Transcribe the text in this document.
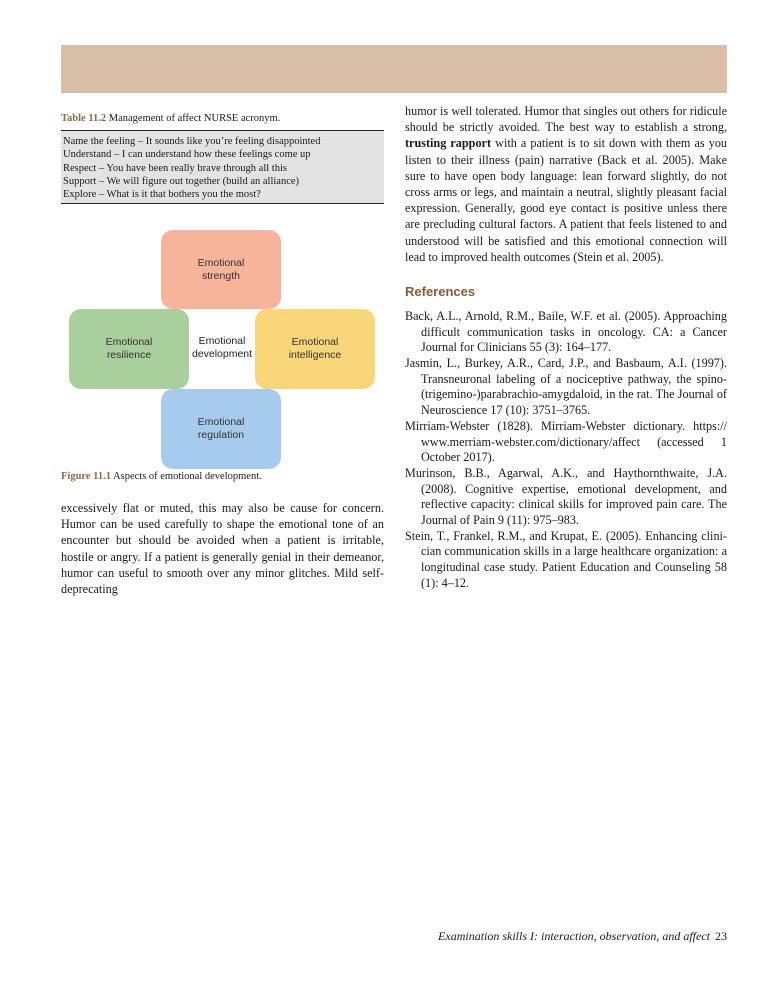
Table 11.2 Management of affect NURSE acronym.
Name the feeling – It sounds like you’re feeling disappointed
Understand – I can understand how these feelings come up
Respect – You have been really brave through all this
Support – We will figure out together (build an alliance)
Explore – What is it that bothers you the most?
Emotional
strength
Emotional
resilience
Emotional
intelligence
Emotional
regulation
Emotional
development
Figure 11.1 Aspects of emotional development.

excessively flat or muted, this may also be cause for concern. Humor can be used carefully to shape the emotional tone of an encounter but should be avoided when a patient is irritable, hostile or angry. If a patient is generally genial in their demeanor, humor can useful to smooth over any minor glitches. Mild self-deprecating

humor is well tolerated. Humor that singles out others for ridicule should be strictly avoided. The best way to establish a strong, trusting rapport with a patient is to sit down with them as you listen to their illness (pain) narrative (Back et al. 2005). Make sure to have open body language: lean forward slightly, do not cross arms or legs, and maintain a neutral, slightly pleasant facial expression. Generally, good eye contact is positive unless there are precluding cultural factors. A patient that feels listened to and understood will be satisfied and this emotional connection will lead to improved health outcomes (Stein et al. 2005).

References
Back, A.L., Arnold, R.M., Baile, W.F. et al. (2005). Approaching difficult communication tasks in oncology. CA: a Cancer Journal for Clinicians 55 (3): 164–177.
Jasmin, L., Burkey, A.R., Card, J.P., and Basbaum, A.I. (1997). Transneuronal labeling of a nociceptive pathway, the spino-(trigemino-)parabrachio-amygdaloid, in the rat. The Journal of Neuroscience 17 (10): 3751–3765.
Mirriam-Webster (1828). Mirriam-Webster dictionary. https:// www.merriam-webster.com/dictionary/affect (accessed 1 October 2017).
Murinson, B.B., Agarwal, A.K., and Haythornthwaite, J.A. (2008). Cognitive expertise, emotional development, and reflective capacity: clinical skills for improved pain care. The Journal of Pain 9 (11): 975–983.
Stein, T., Frankel, R.M., and Krupat, E. (2005). Enhancing clini-cian communication skills in a large healthcare organization: a longitudinal case study. Patient Education and Counseling 58 (1): 4–12.
Examination skills I: interaction, observation, and affect 23
